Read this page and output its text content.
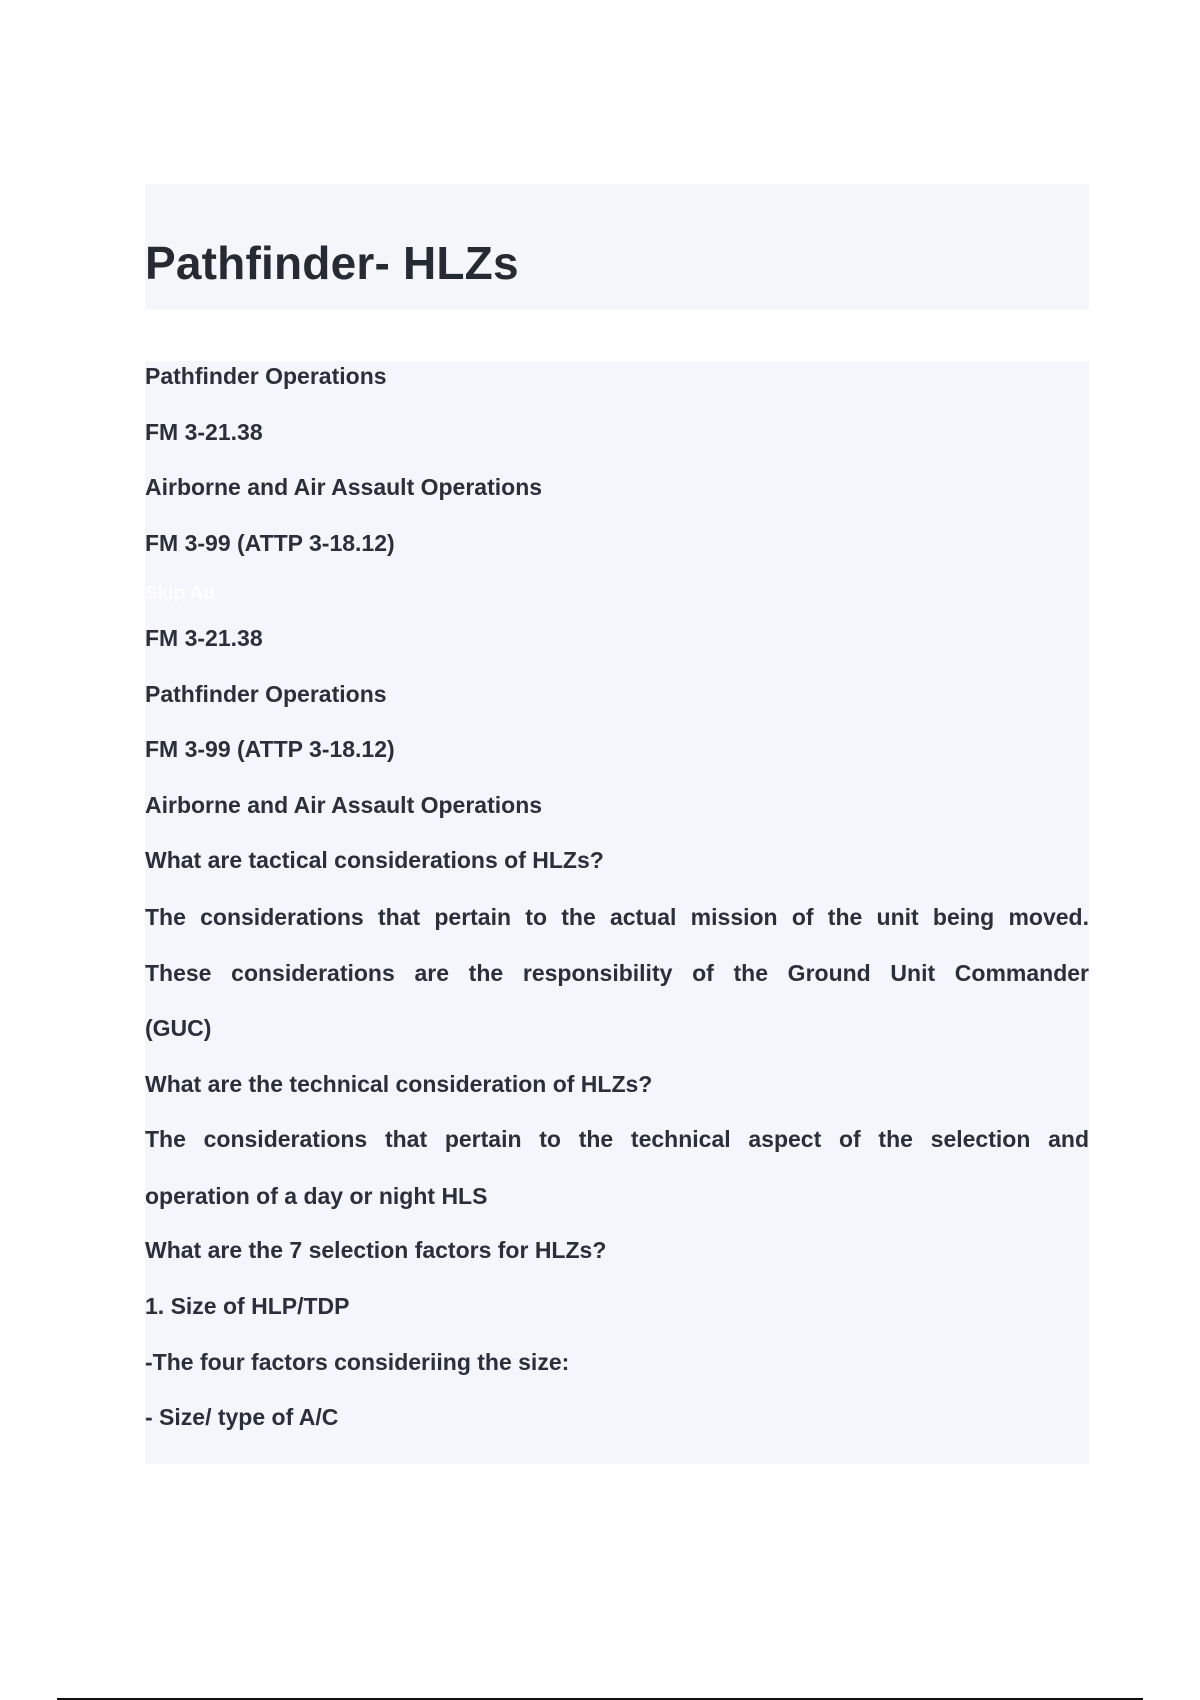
Pathfinder- HLZs

Pathfinder Operations

FM 3-21.38

Airborne and Air Assault Operations

FM 3-99 (ATTP 3-18.12)

Skip Au

FM 3-21.38

Pathfinder Operations

FM 3-99 (ATTP 3-18.12)

Airborne and Air Assault Operations

What are tactical considerations of HLZs?

The considerations that pertain to the actual mission of the unit being moved.

These considerations are the responsibility of the Ground Unit Commander

(GUC)

What are the technical consideration of HLZs?

The considerations that pertain to the technical aspect of the selection and

operation of a day or night HLS

What are the 7 selection factors for HLZs?

1. Size of HLP/TDP

-The four factors consideriing the size:

- Size/ type of A/C
